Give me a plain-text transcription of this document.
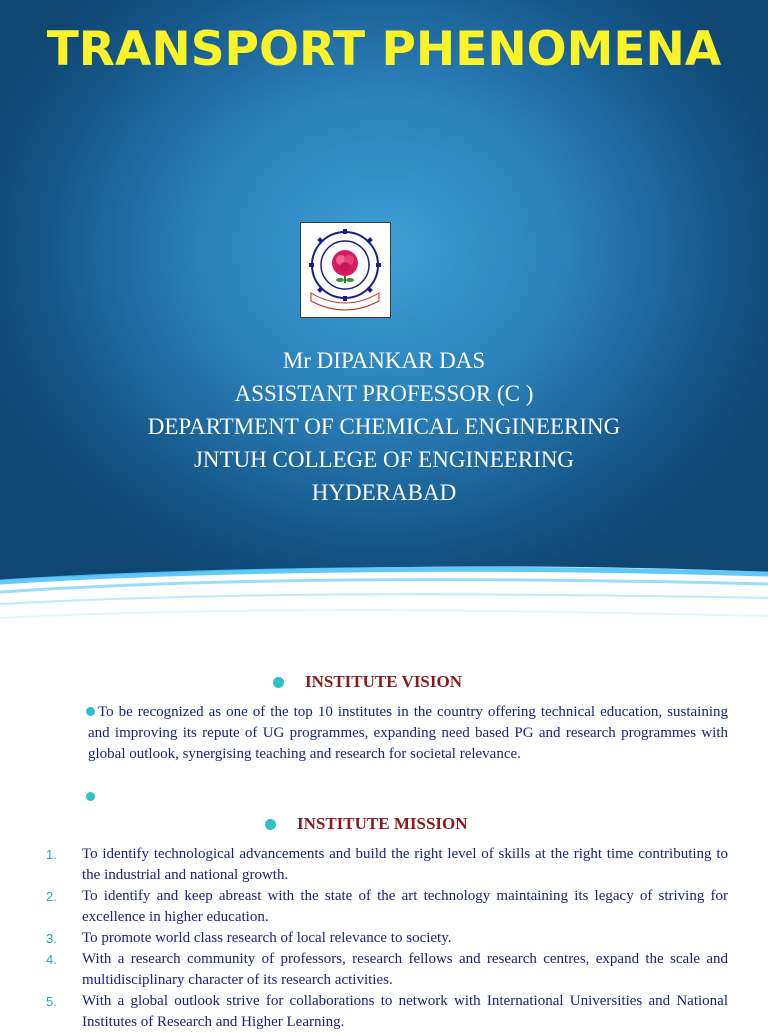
TRANSPORT PHENOMENA
Mr DIPANKAR DAS
ASSISTANT PROFESSOR (C )
DEPARTMENT OF CHEMICAL ENGINEERING
JNTUH COLLEGE OF ENGINEERING
HYDERABAD
INSTITUTE VISION
To be recognized as one of the top 10 institutes in the country offering technical education, sustaining and improving its repute of UG programmes, expanding need based PG and research programmes with global outlook, synergising teaching and research for societal relevance.
INSTITUTE MISSION
1. To identify technological advancements and build the right level of skills at the right time contributing to the industrial and national growth.
2. To identify and keep abreast with the state of the art technology maintaining its legacy of striving for excellence in higher education.
3. To promote world class research of local relevance to society.
4. With a research community of professors, research fellows and research centres, expand the scale and multidisciplinary character of its research activities.
5. With a global outlook strive for collaborations to network with International Universities and National Institutes of Research and Higher Learning.
